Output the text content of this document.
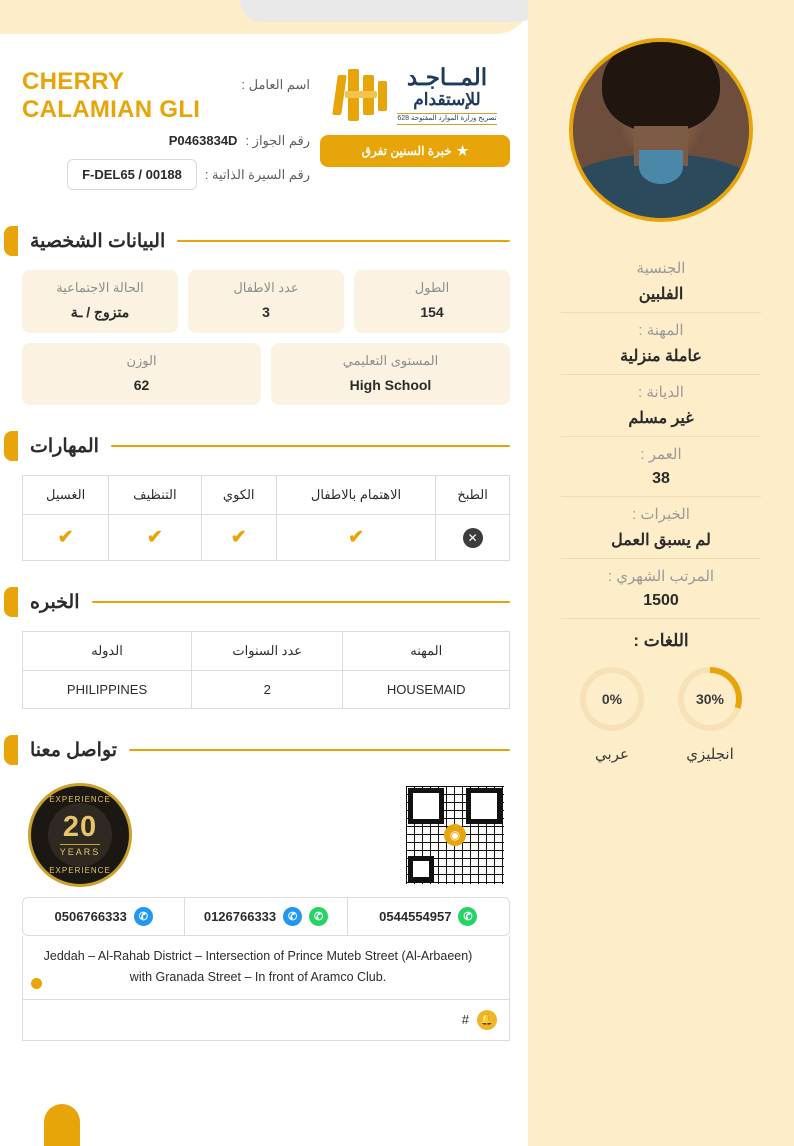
المــاجـد
للإستقدام
تصريح وزارة الموارد المفتوحة 628
★
خبرة السنين تفرق
اسم العامل :
CHERRY CALAMIAN GLI
رقم الجواز :
P0463834D
رقم السيرة الذاتية :
F-DEL65 / 00188
البيانات الشخصية
الطول
154
عدد الاطفال
3
الحالة الاجتماعية
متزوج / ـة
المستوى التعليمي
High School
الوزن
62
المهارات
الطبخ	الاهتمام بالاطفال	الكوي	التنظيف	الغسيل
✕	✔	✔	✔	✔
الخبره
المهنه	عدد السنوات	الدوله
HOUSEMAID	2	PHILIPPINES
تواصل معنا
◉
EXPERIENCE
20
YEARS
EXPERIENCE
0544554957	✆
0126766333	✆	✆
0506766333	✆
Jeddah – Al-Rahab District – Intersection of Prince Muteb Street (Al-Arbaeen) with Granada Street – In front of Aramco Club.
🔔
#
الجنسية
الفلبين
المهنة :
عاملة منزلية
الديانة :
غير مسلم
العمر :
38
الخبرات :
لم يسبق العمل
المرتب الشهري :
1500
اللغات :
30%
انجليزي
0%
عربي
